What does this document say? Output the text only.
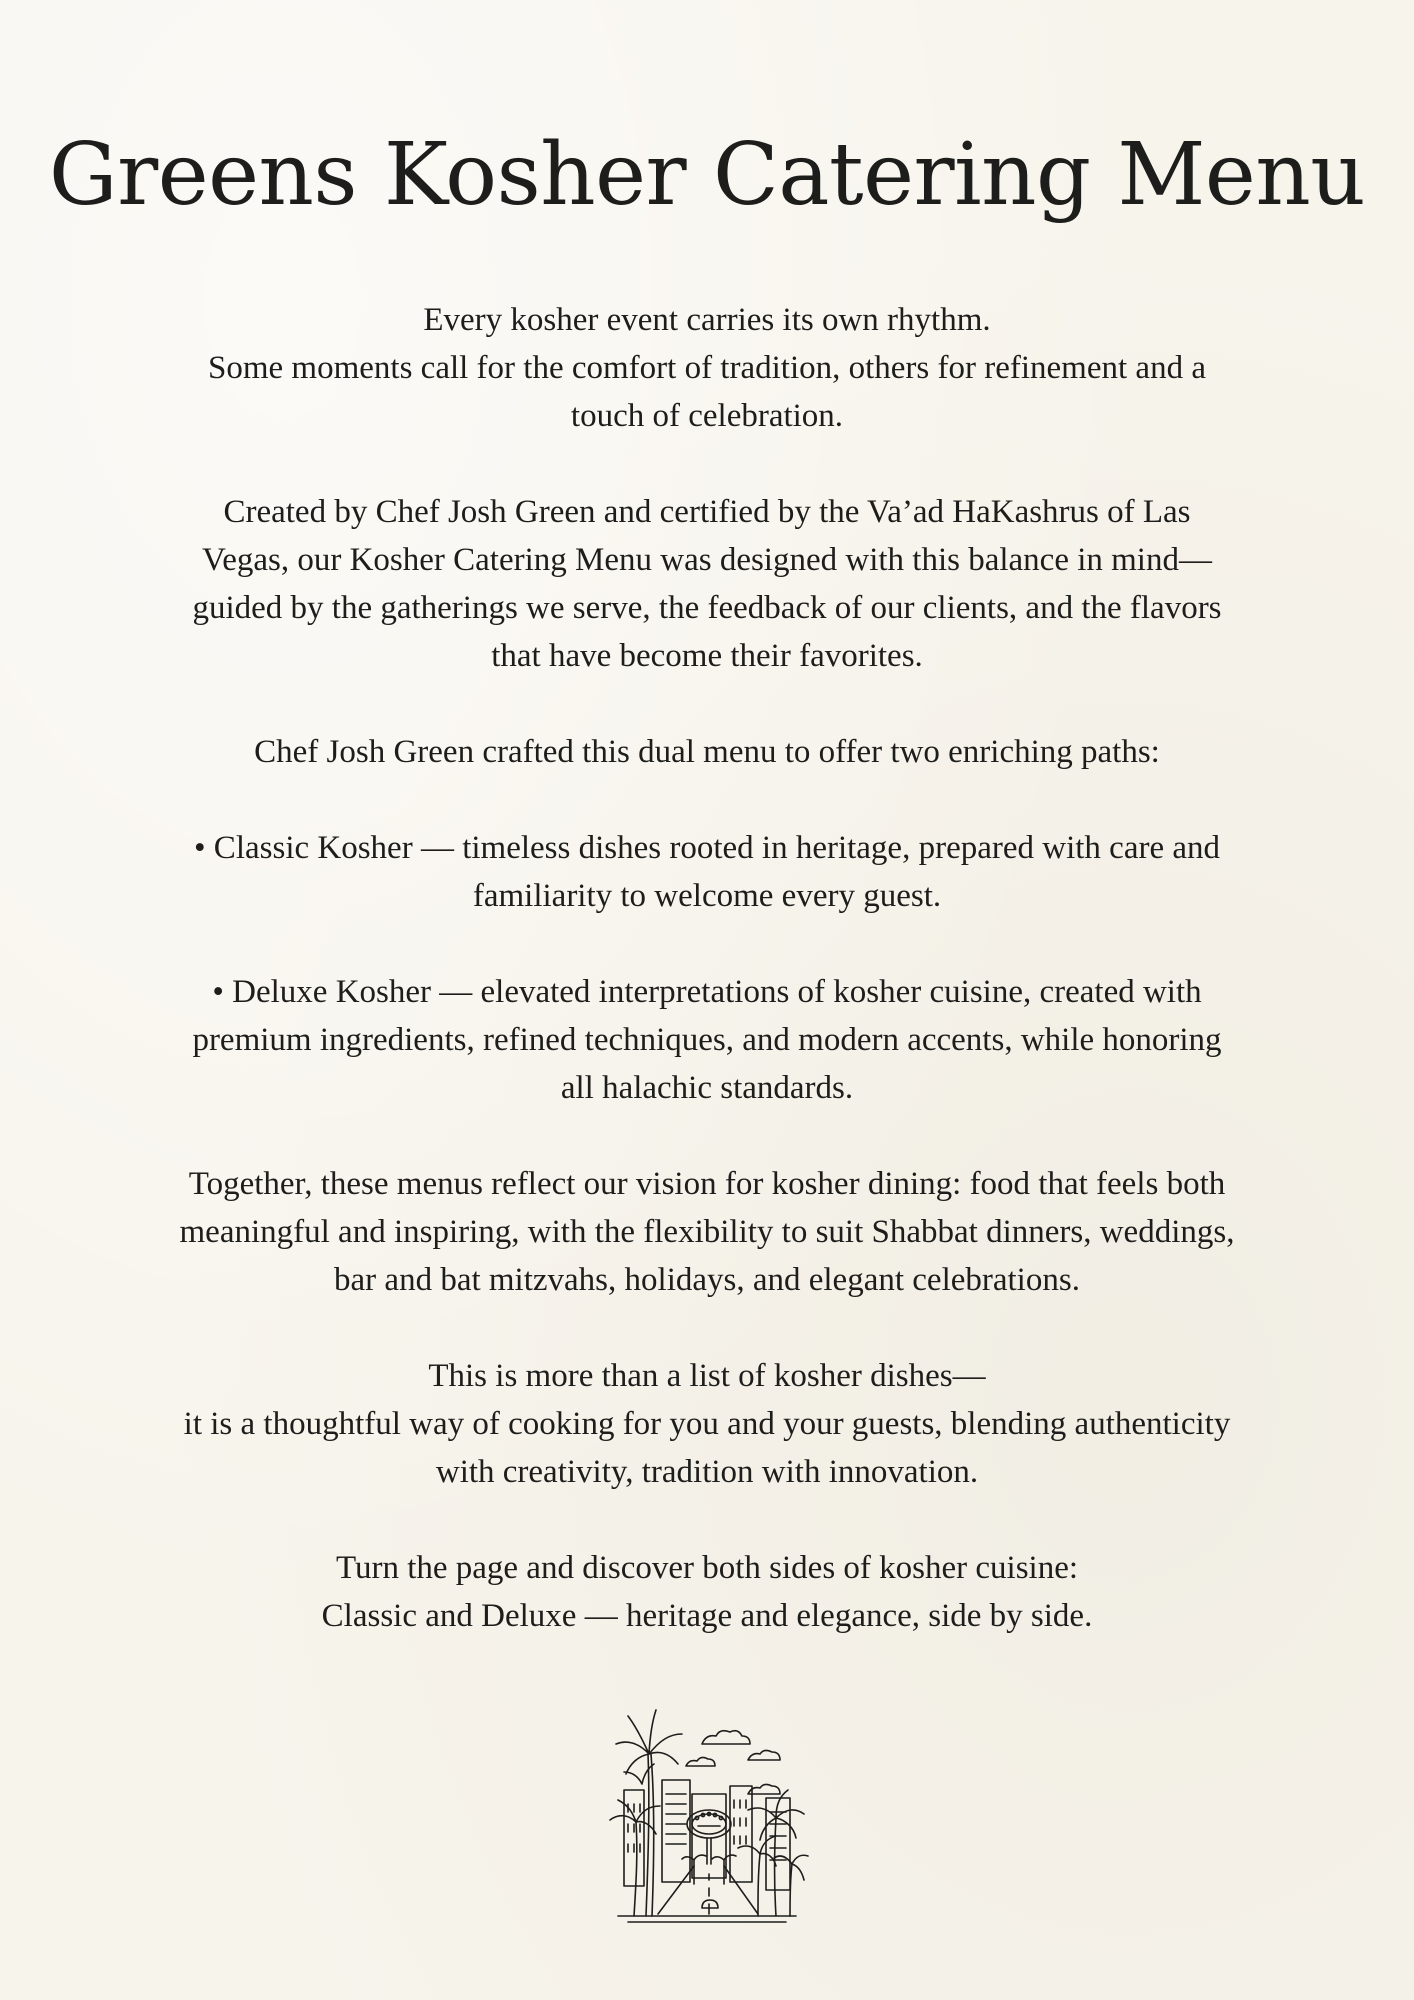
Greens Kosher Catering Menu

Every kosher event carries its own rhythm.
Some moments call for the comfort of tradition, others for refinement and a
touch of celebration.

Created by Chef Josh Green and certified by the Va’ad HaKashrus of Las
Vegas, our Kosher Catering Menu was designed with this balance in mind—
guided by the gatherings we serve, the feedback of our clients, and the flavors
that have become their favorites.

Chef Josh Green crafted this dual menu to offer two enriching paths:

• Classic Kosher — timeless dishes rooted in heritage, prepared with care and
familiarity to welcome every guest.

• Deluxe Kosher — elevated interpretations of kosher cuisine, created with
premium ingredients, refined techniques, and modern accents, while honoring
all halachic standards.

Together, these menus reflect our vision for kosher dining: food that feels both
meaningful and inspiring, with the flexibility to suit Shabbat dinners, weddings,
bar and bat mitzvahs, holidays, and elegant celebrations.

This is more than a list of kosher dishes—
it is a thoughtful way of cooking for you and your guests, blending authenticity
with creativity, tradition with innovation.

Turn the page and discover both sides of kosher cuisine:
Classic and Deluxe — heritage and elegance, side by side.
